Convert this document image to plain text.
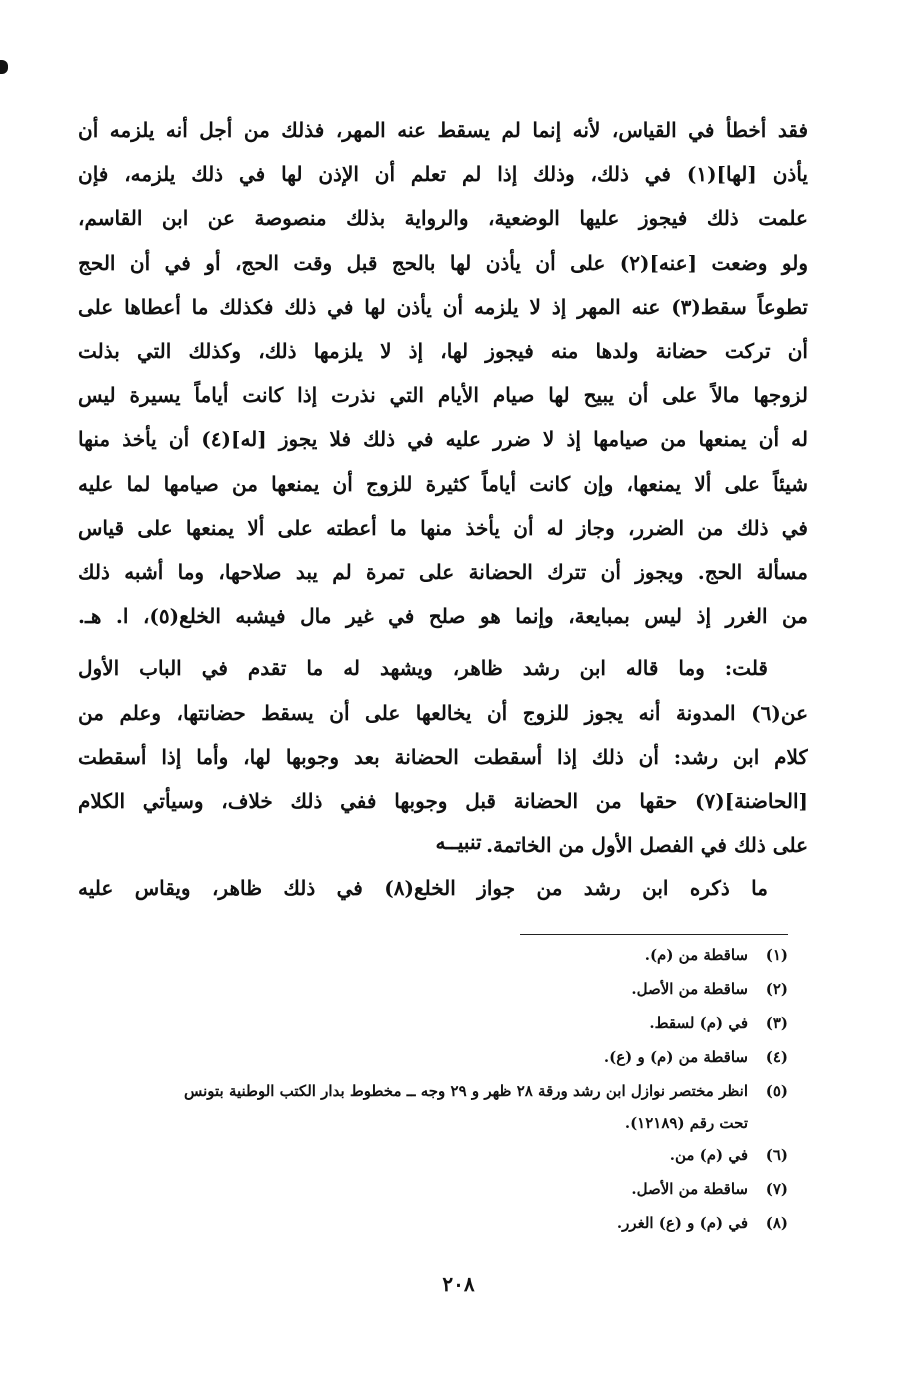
فقد أخطأ في القياس، لأنه إنما لم يسقط عنه المهر، فذلك من أجل أنه يلزمه أن
يأذن [لها](١) في ذلك، وذلك إذا لم تعلم أن الإذن لها في ذلك يلزمه، فإن
علمت ذلك فيجوز عليها الوضعية، والرواية بذلك منصوصة عن ابن القاسم،
ولو وضعت [عنه](٢) على أن يأذن لها بالحج قبل وقت الحج، أو في أن الحج
تطوعاً سقط(٣) عنه المهر إذ لا يلزمه أن يأذن لها في ذلك فكذلك ما أعطاها على
أن تركت حضانة ولدها منه فيجوز لها، إذ لا يلزمها ذلك، وكذلك التي بذلت
لزوجها مالاً على أن يبيح لها صيام الأيام التي نذرت إذا كانت أياماً يسيرة ليس
له أن يمنعها من صيامها إذ لا ضرر عليه في ذلك فلا يجوز [له](٤) أن يأخذ منها
شيئاً على ألا يمنعها، وإن كانت أياماً كثيرة للزوج أن يمنعها من صيامها لما عليه
في ذلك من الضرر، وجاز له أن يأخذ منها ما أعطته على ألا يمنعها على قياس
مسألة الحج. ويجوز أن تترك الحضانة على تمرة لم يبد صلاحها، وما أشبه ذلك
من الغرر إذ ليس بمبايعة، وإنما هو صلح في غير مال فيشبه الخلع(٥)، ا. هـ.
قلت: وما قاله ابن رشد ظاهر، ويشهد له ما تقدم في الباب الأول
عن(٦) المدونة أنه يجوز للزوج أن يخالعها على أن يسقط حضانتها، وعلم من
كلام ابن رشد: أن ذلك إذا أسقطت الحضانة بعد وجوبها لها، وأما إذا أسقطت
[الحاضنة](٧) حقها من الحضانة قبل وجوبها ففي ذلك خلاف، وسيأتي الكلام
على ذلك في الفصل الأول من الخاتمة.
تنبيــه
ما ذكره ابن رشد من جواز الخلع(٨) في ذلك ظاهر، ويقاس عليه
(١)
ساقطة من (م).
(٢)
ساقطة من الأصل.
(٣)
في (م) لسقط.
(٤)
ساقطة من (م) و (ع).
(٥)
انظر مختصر نوازل ابن رشد ورقة ٢٨ ظهر و ٢٩ وجه ــ مخطوط بدار الكتب الوطنية بتونس
تحت رقم (١٢١٨٩).
(٦)
في (م) من.
(٧)
ساقطة من الأصل.
(٨)
في (م) و (ع) الغرر.
٢٠٨
